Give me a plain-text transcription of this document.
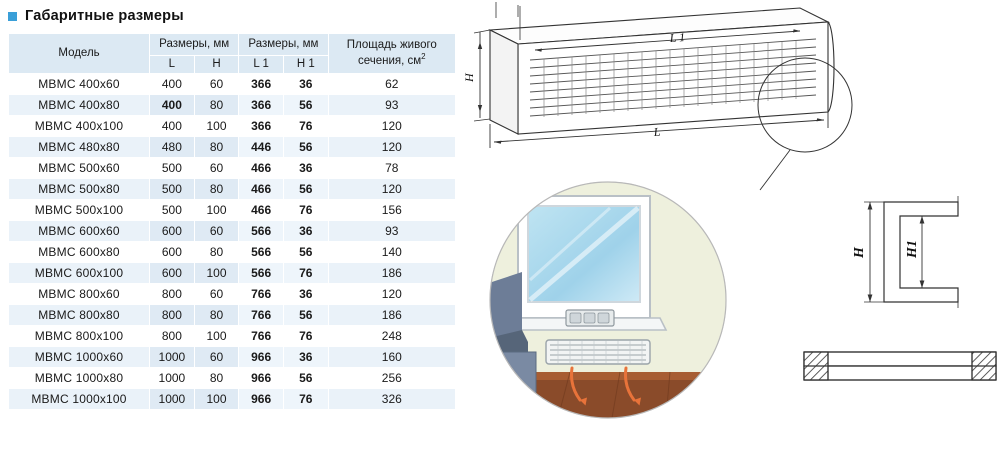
Габаритные размеры
Модель	Размеры, мм		Размеры, мм		Площадь живого сечения, $см^2$
	L	H	L 1	H 1	
МВМС 400х60	400	60	366	36	62
МВМС 400х80	400	80	366	56	93
МВМС 400х100	400	100	366	76	120
МВМС 480х80	480	80	446	56	120
МВМС 500х60	500	60	466	36	78
МВМС 500х80	500	80	466	56	120
МВМС 500х100	500	100	466	76	156
МВМС 600х60	600	60	566	36	93
МВМС 600х80	600	80	566	56	140
МВМС 600х100	600	100	566	76	186
МВМС 800х60	800	60	766	36	120
МВМС 800х80	800	80	766	56	186
МВМС 800х100	800	100	766	76	248
МВМС 1000х60	1000	60	966	36	160
МВМС 1000х80	1000	80	966	56	256
МВМС 1000х100	1000	100	966	76	326
L 1
L
H
H	H1
